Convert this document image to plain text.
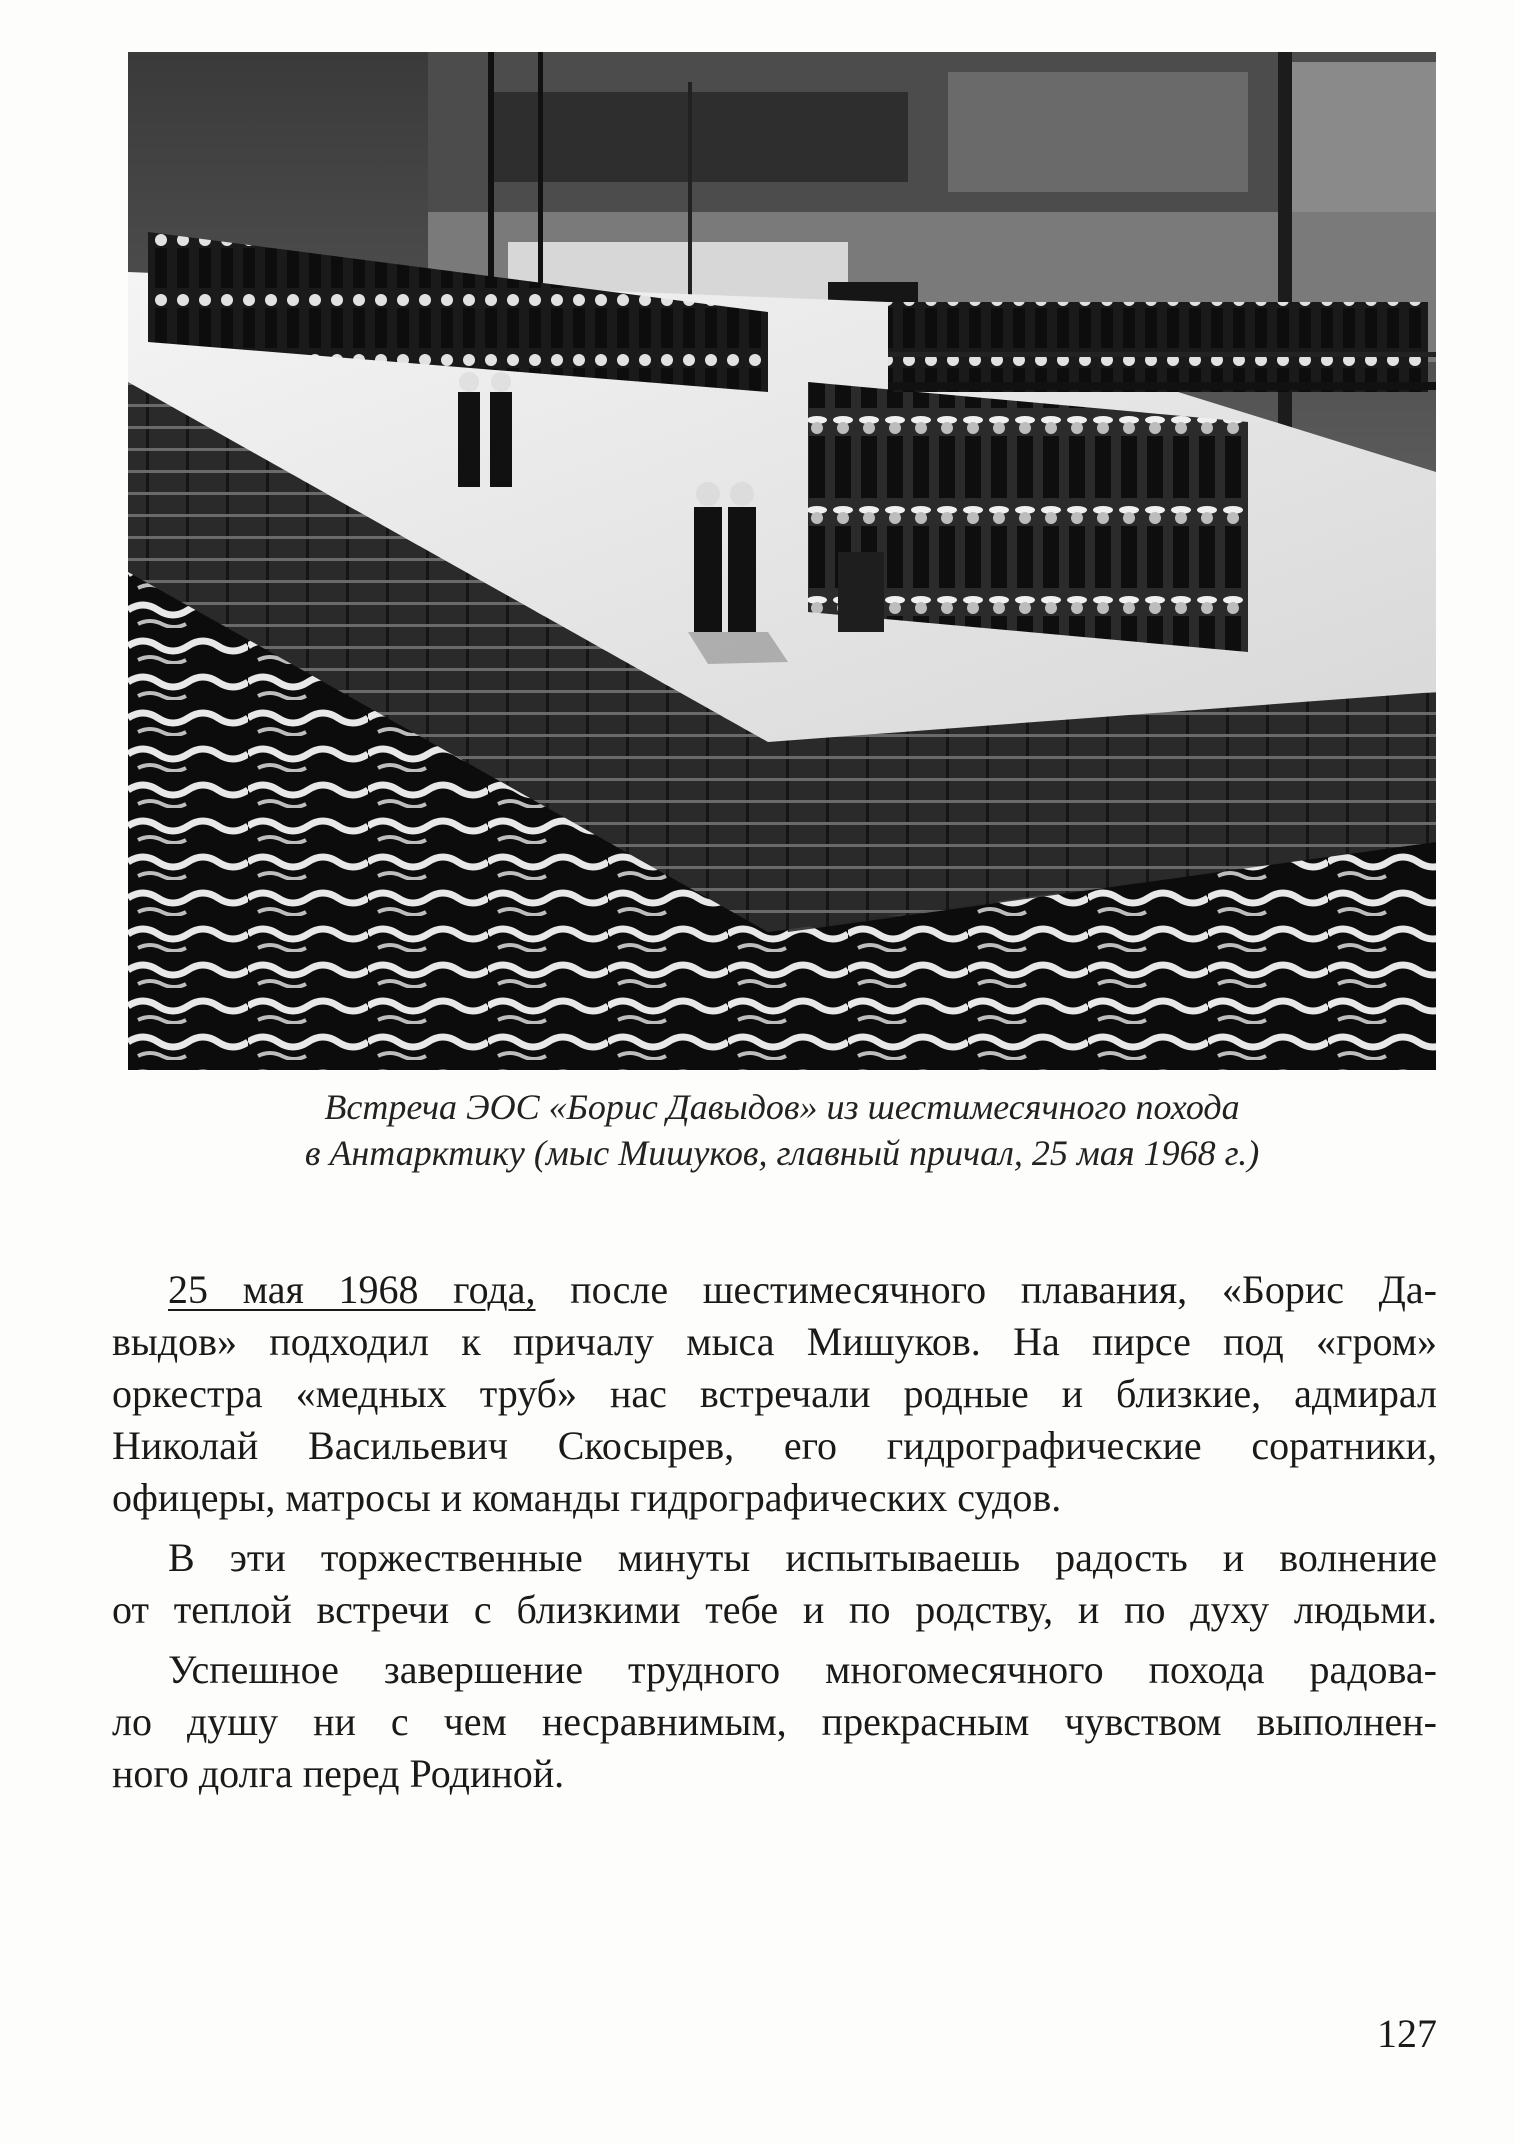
Встреча ЭОС «Борис Давыдов» из шестимесячного похода
в Антарктику (мыс Мишуков, главный причал, 25 мая 1968 г.)
25 мая 1968 года, после шестимесячного плавания, «Борис Да-
выдов» подходил к причалу мыса Мишуков. На пирсе под «гром»
оркестра «медных труб» нас встречали родные и близкие, адмирал
Николай Васильевич Скосырев, его гидрографические соратники,
офицеры, матросы и команды гидрографических судов.
В эти торжественные минуты испытываешь радость и волнение
от теплой встречи с близкими тебе и по родству, и по духу людьми.
Успешное завершение трудного многомесячного похода радова-
ло душу ни с чем несравнимым, прекрасным чувством выполнен-
ного долга перед Родиной.
127
